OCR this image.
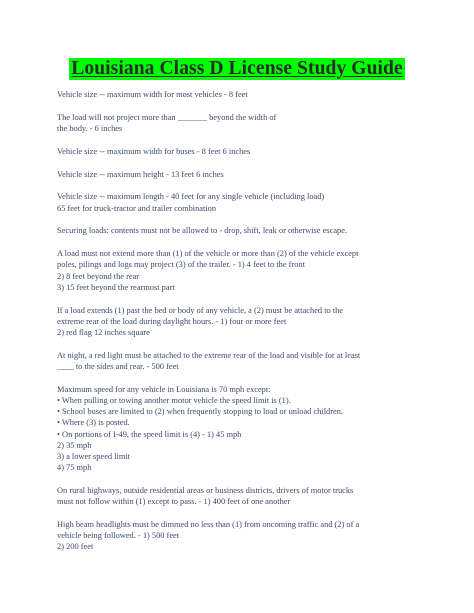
Louisiana Class D License Study Guide

Vehicle size -- maximum width for most vehicles - 8 feet

The load will not project more than _______ beyond the width of
the body. - 6 inches

Vehicle size -- maximum width for buses - 8 feet 6 inches

Vehicle size -- maximum height - 13 feet 6 inches

Vehicle size -- maximum length - 40 feet for any single vehicle (including load)
65 feet for truck-tractor and trailer combination

Securing loads: contents must not be allowed to - drop, shift, leak or otherwise escape.

A load must not extend more than (1) of the vehicle or more than (2) of the vehicle except
poles, pilings and logs may project (3) of the trailer. - 1) 4 feet to the front
2) 8 feet beyond the rear
3) 15 feet beyond the rearmost part

If a load extends (1) past the bed or body of any vehicle, a (2) must be attached to the
extreme rear of the load during daylight hours. - 1) four or more feet
2) red flag 12 inches square

At night, a red light must be attached to the extreme rear of the load and visible for at least
____ to the sides and rear. - 500 feet

Maximum speed for any vehicle in Louisiana is 70 mph except:
• When pulling or towing another motor vehicle the speed limit is (1).
• School buses are limited to (2) when frequently stopping to load or unload children.
• Where (3) is posted.
• On portions of I-49, the speed limit is (4) - 1) 45 mph
2) 35 mph
3) a lower speed limit
4) 75 mph

On rural highways, outside residential areas or business districts, drivers of motor trucks
must not follow within (1) except to pass. - 1) 400 feet of one another

High beam headlights must be dimmed no less than (1) from oncoming traffic and (2) of a
vehicle being followed. - 1) 500 feet
2) 200 feet
